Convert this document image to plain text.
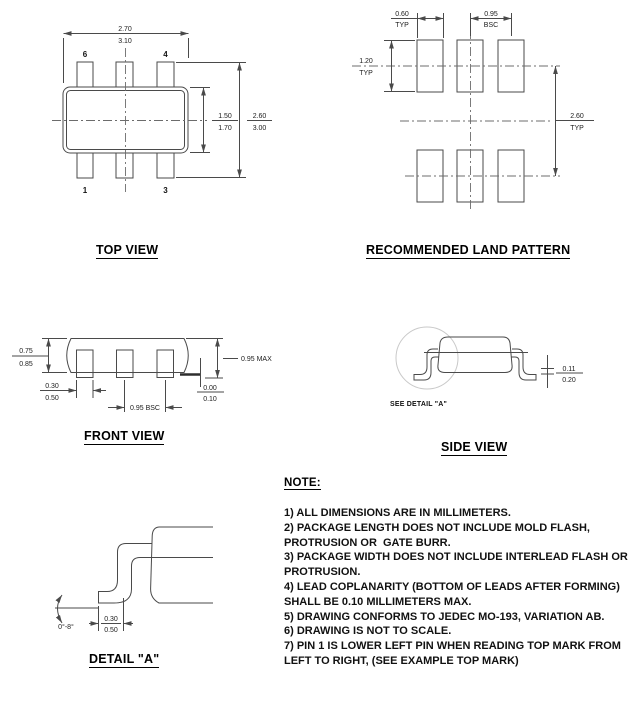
6	4
1	3
2.70
3.10
1.50
1.70
2.60
3.00
TOP VIEW
0.60
TYP
0.95
BSC
1.20
TYP
2.60
TYP
RECOMMENDED LAND PATTERN
0.75
0.85
0.95 MAX
0.00
0.10
0.30
0.50
0.95 BSC
FRONT VIEW
0.11
0.20
SEE DETAIL "A"
SIDE VIEW
0°-8°
0.30
0.50
DETAIL "A"
NOTE:
1) ALL DIMENSIONS ARE IN MILLIMETERS.
2) PACKAGE LENGTH DOES NOT INCLUDE MOLD FLASH, PROTRUSION OR  GATE BURR.
3) PACKAGE WIDTH DOES NOT INCLUDE INTERLEAD FLASH OR PROTRUSION.
4) LEAD COPLANARITY (BOTTOM OF LEADS AFTER FORMING) SHALL BE 0.10 MILLIMETERS MAX.
5) DRAWING CONFORMS TO JEDEC MO-193, VARIATION AB.
6) DRAWING IS NOT TO SCALE.
7) PIN 1 IS LOWER LEFT PIN WHEN READING TOP MARK FROM LEFT TO RIGHT, (SEE EXAMPLE TOP MARK)
